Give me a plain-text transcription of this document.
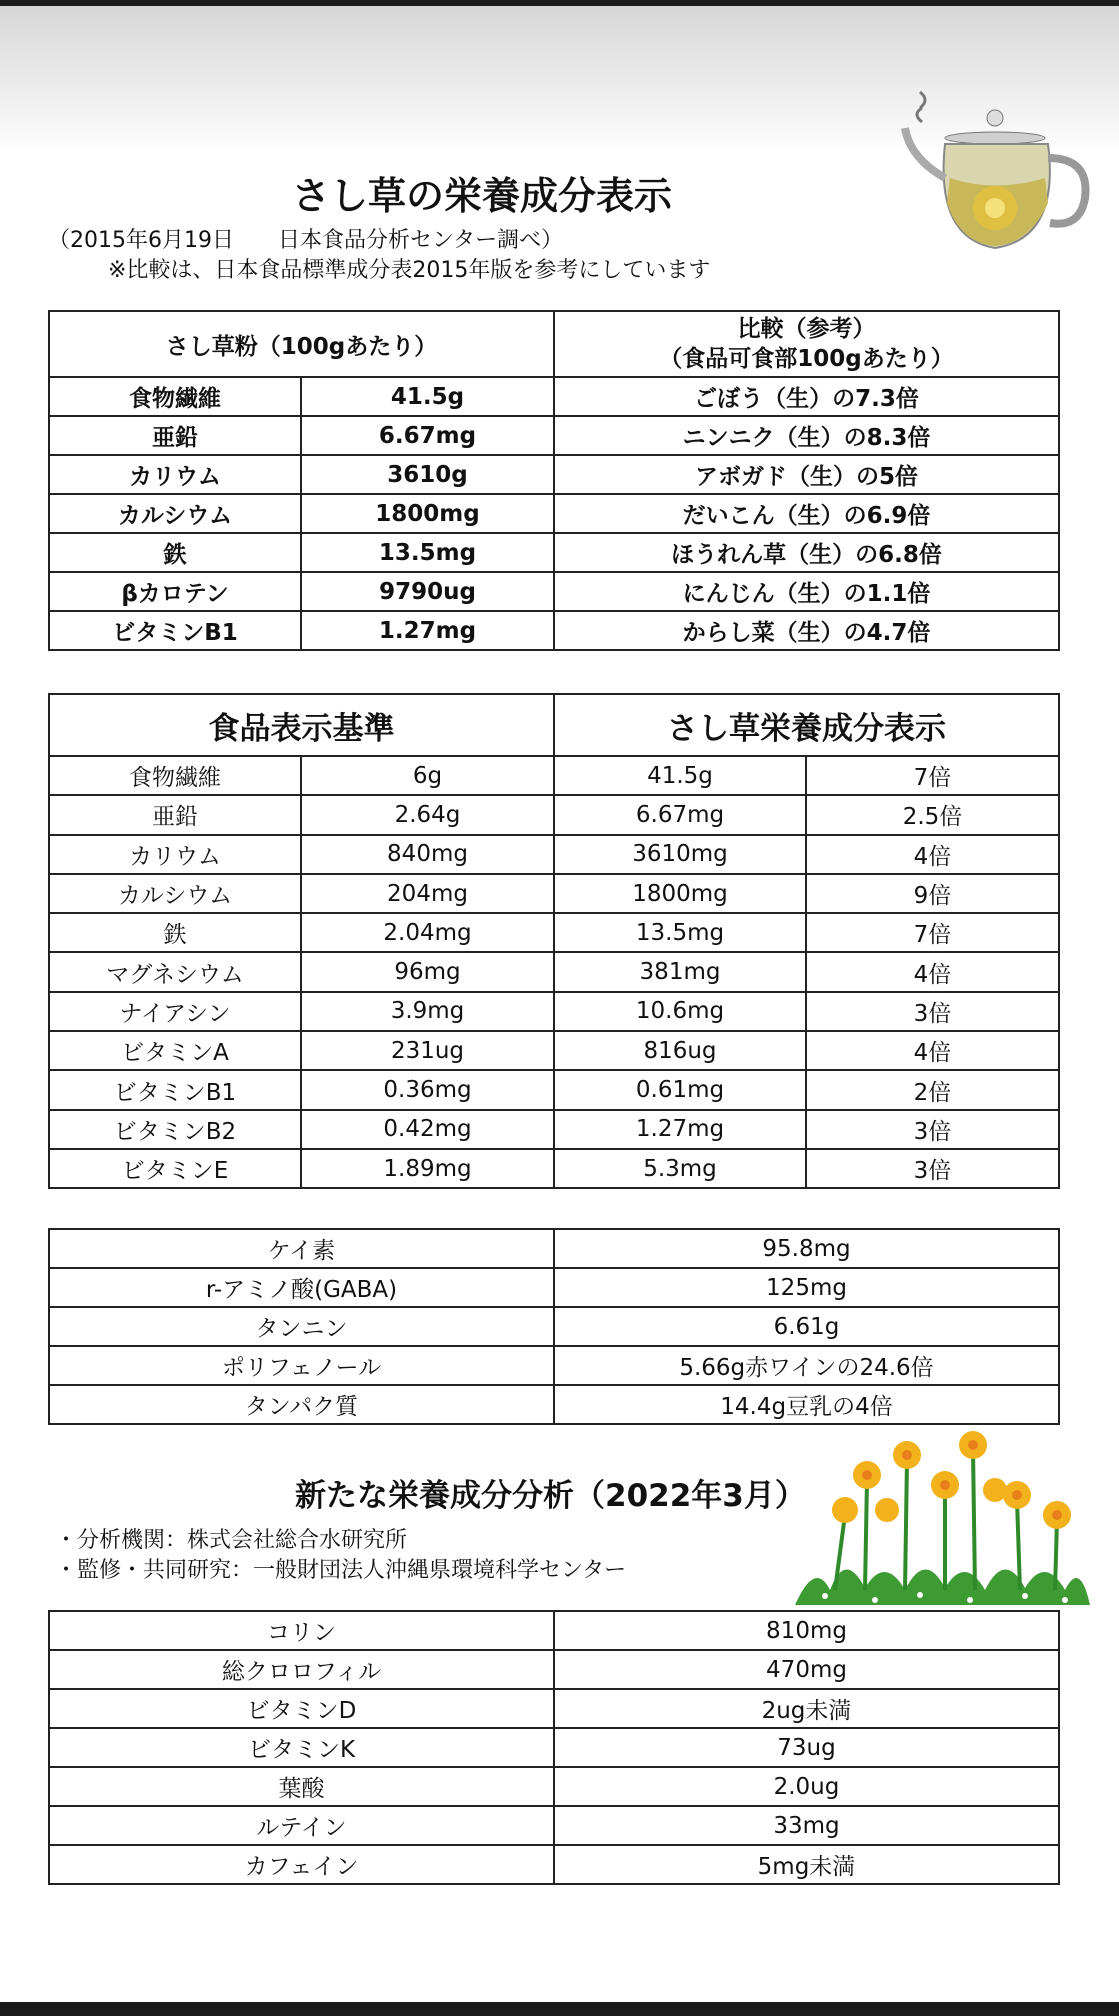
さし草の栄養成分表示
（2015年6月19日　　日本食品分析センター調べ）
※比較は、日本食品標準成分表2015年版を参考にしています
さし草粉（100gあたり）		比較（参考）
（食品可食部100gあたり）
食物繊維	41.5g	ごぼう（生）の7.3倍
亜鉛	6.67mg	ニンニク（生）の8.3倍
カリウム	3610g	アボガド（生）の5倍
カルシウム	1800mg	だいこん（生）の6.9倍
鉄	13.5mg	ほうれん草（生）の6.8倍
βカロテン	9790ug	にんじん（生）の1.1倍
ビタミンB1	1.27mg	からし菜（生）の4.7倍
食品表示基準		さし草栄養成分表示	
食物繊維	6g	41.5g	7倍
亜鉛	2.64g	6.67mg	2.5倍
カリウム	840mg	3610mg	4倍
カルシウム	204mg	1800mg	9倍
鉄	2.04mg	13.5mg	7倍
マグネシウム	96mg	381mg	4倍
ナイアシン	3.9mg	10.6mg	3倍
ビタミンA	231ug	816ug	4倍
ビタミンB1	0.36mg	0.61mg	2倍
ビタミンB2	0.42mg	1.27mg	3倍
ビタミンE	1.89mg	5.3mg	3倍
ケイ素	95.8mg
r-アミノ酸(GABA)	125mg
タンニン	6.61g
ポリフェノール	5.66g赤ワインの24.6倍
タンパク質	14.4g豆乳の4倍
新たな栄養成分分析（2022年3月）
・分析機関：株式会社総合水研究所
・監修・共同研究：一般財団法人沖縄県環境科学センター
コリン	810mg
総クロロフィル	470mg
ビタミンD	2ug未満
ビタミンK	73ug
葉酸	2.0ug
ルテイン	33mg
カフェイン	5mg未満
